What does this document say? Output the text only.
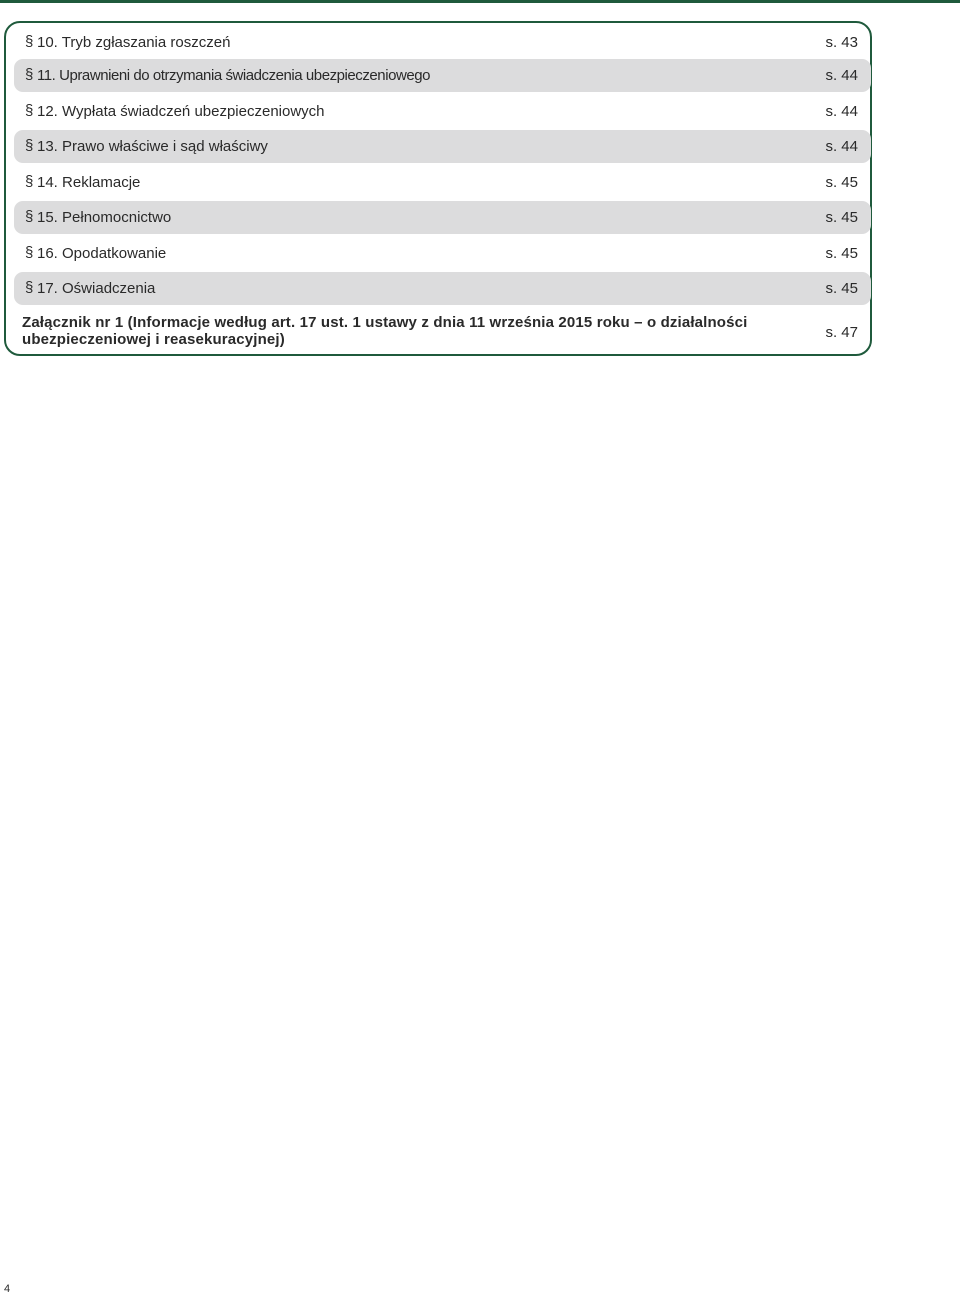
§ 10. Tryb zgłaszania roszczeń	s. 43
§ 11. Uprawnieni do otrzymania świadczenia ubezpieczeniowego	s. 44
§ 12. Wypłata świadczeń ubezpieczeniowych	s. 44
§ 13. Prawo właściwe i sąd właściwy	s. 44
§ 14. Reklamacje	s. 45
§ 15. Pełnomocnictwo	s. 45
§ 16. Opodatkowanie	s. 45
§ 17. Oświadczenia	s. 45
Załącznik nr 1 (Informacje według art. 17 ust. 1 ustawy z dnia 11 września 2015 roku – o działalności ubezpieczeniowej i reasekuracyjnej)	s. 47
4
